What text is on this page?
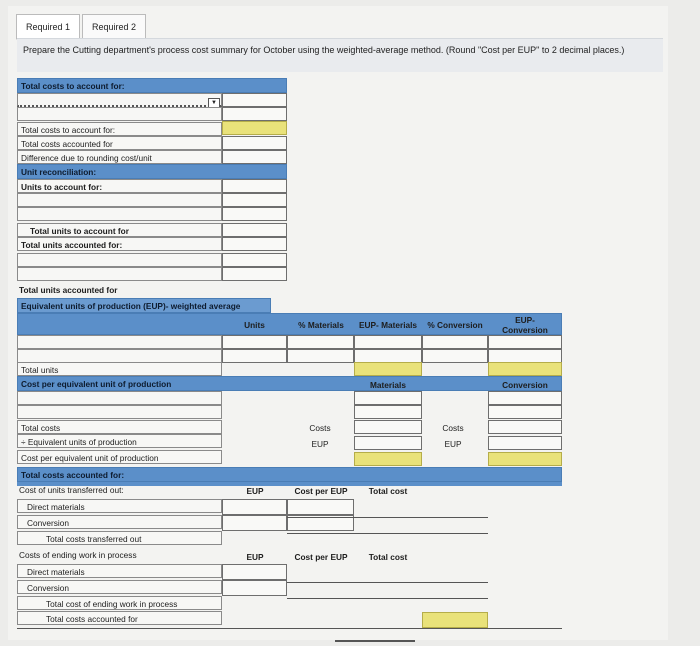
Required 1	Required 2
Prepare the Cutting department's process cost summary for October using the weighted-average method. (Round "Cost per EUP" to 2 decimal places.)
Total costs to account for:
▼
Total costs to account for:
Total costs accounted for
Difference due to rounding cost/unit
Unit reconciliation:
Units to account for:
Total units to account for
Total units accounted for:
Total units accounted for
Equivalent units of production (EUP)- weighted average
Units	% Materials	EUP- Materials	% Conversion	EUP- Conversion
Total units
Cost per equivalent unit of production	Materials	Conversion
Total costs	Costs	Costs
÷ Equivalent units of production	EUP	EUP
Cost per equivalent unit of production
Total costs accounted for:
Cost of units transferred out:	EUP	Cost per EUP	Total cost
Direct materials
Conversion
Total costs transferred out
Costs of ending work in process	EUP	Cost per EUP	Total cost
Direct materials
Conversion
Total cost of ending work in process
Total costs accounted for
